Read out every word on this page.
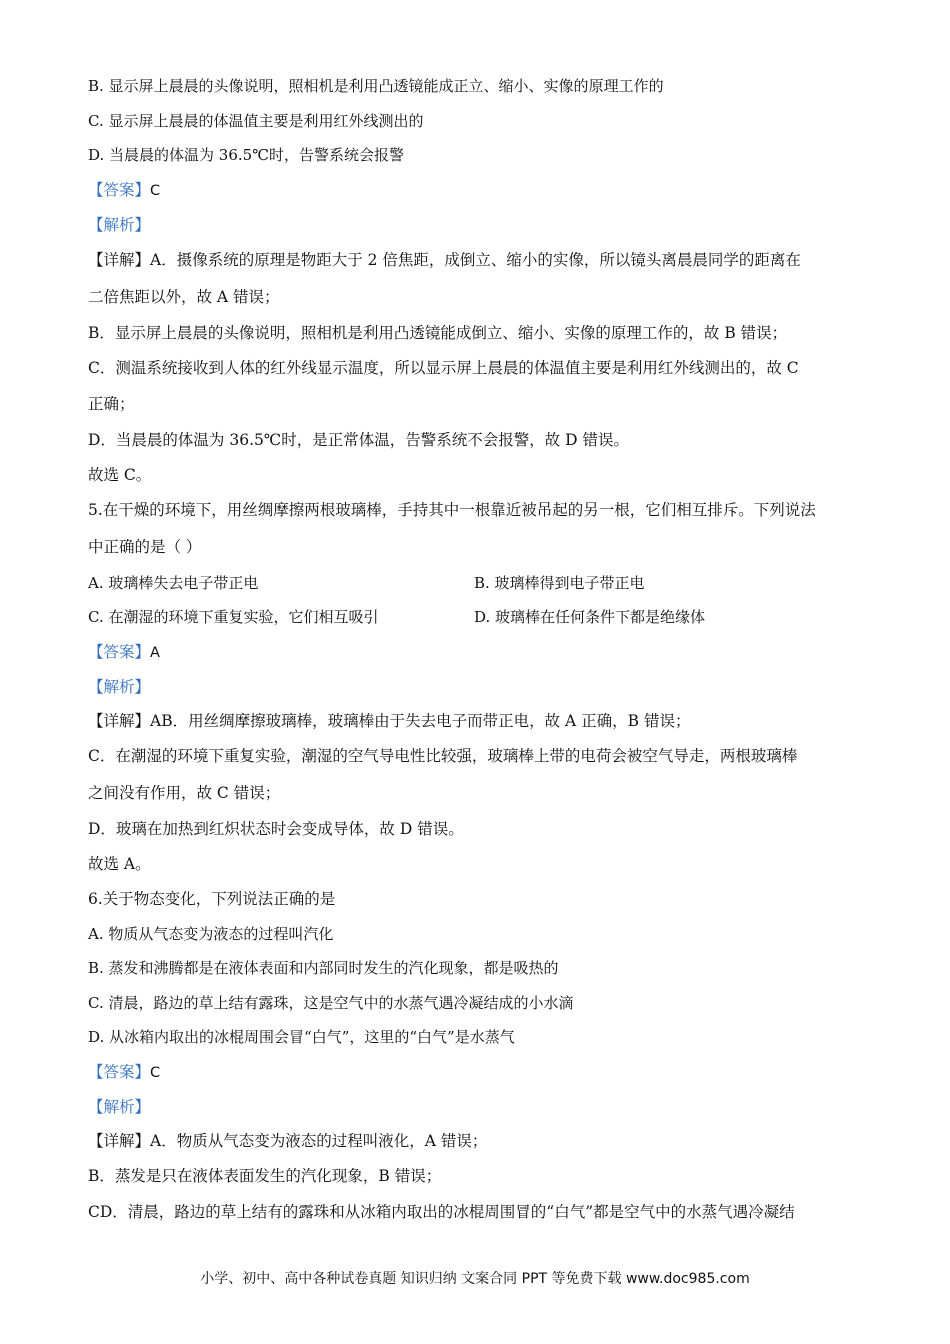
B. 显示屏上晨晨的头像说明，照相机是利用凸透镜能成正立、缩小、实像的原理工作的
C. 显示屏上晨晨的体温值主要是利用红外线测出的
D. 当晨晨的体温为 36.5℃时，告警系统会报警
【答案】C
【解析】
【详解】A．摄像系统的原理是物距大于 2 倍焦距，成倒立、缩小的实像，所以镜头离晨晨同学的距离在
二倍焦距以外，故 A 错误；
B．显示屏上晨晨的头像说明，照相机是利用凸透镜能成倒立、缩小、实像的原理工作的，故 B 错误；
C．测温系统接收到人体的红外线显示温度，所以显示屏上晨晨的体温值主要是利用红外线测出的，故 C
正确；
D．当晨晨的体温为 36.5℃时，是正常体温，告警系统不会报警，故 D 错误。
故选 C。
5.在干燥的环境下，用丝绸摩擦两根玻璃棒，手持其中一根靠近被吊起的另一根，它们相互排斥。下列说法
中正确的是（ ）
A. 玻璃棒失去电子带正电	B. 玻璃棒得到电子带正电
C. 在潮湿的环境下重复实验，它们相互吸引	D. 玻璃棒在任何条件下都是绝缘体
【答案】A
【解析】
【详解】AB．用丝绸摩擦玻璃棒，玻璃棒由于失去电子而带正电，故 A 正确，B 错误；
C．在潮湿的环境下重复实验，潮湿的空气导电性比较强，玻璃棒上带的电荷会被空气导走，两根玻璃棒
之间没有作用，故 C 错误；
D．玻璃在加热到红炽状态时会变成导体，故 D 错误。
故选 A。
6.关于物态变化，下列说法正确的是
A. 物质从气态变为液态的过程叫汽化
B. 蒸发和沸腾都是在液体表面和内部同时发生的汽化现象，都是吸热的
C. 清晨，路边的草上结有露珠，这是空气中的水蒸气遇冷凝结成的小水滴
D. 从冰箱内取出的冰棍周围会冒“白气”，这里的“白气”是水蒸气
【答案】C
【解析】
【详解】A．物质从气态变为液态的过程叫液化，A 错误；
B．蒸发是只在液体表面发生的汽化现象，B 错误；
CD．清晨，路边的草上结有的露珠和从冰箱内取出的冰棍周围冒的“白气”都是空气中的水蒸气遇冷凝结
小学、初中、高中各种试卷真题 知识归纳 文案合同 PPT 等免费下载 www.doc985.com
